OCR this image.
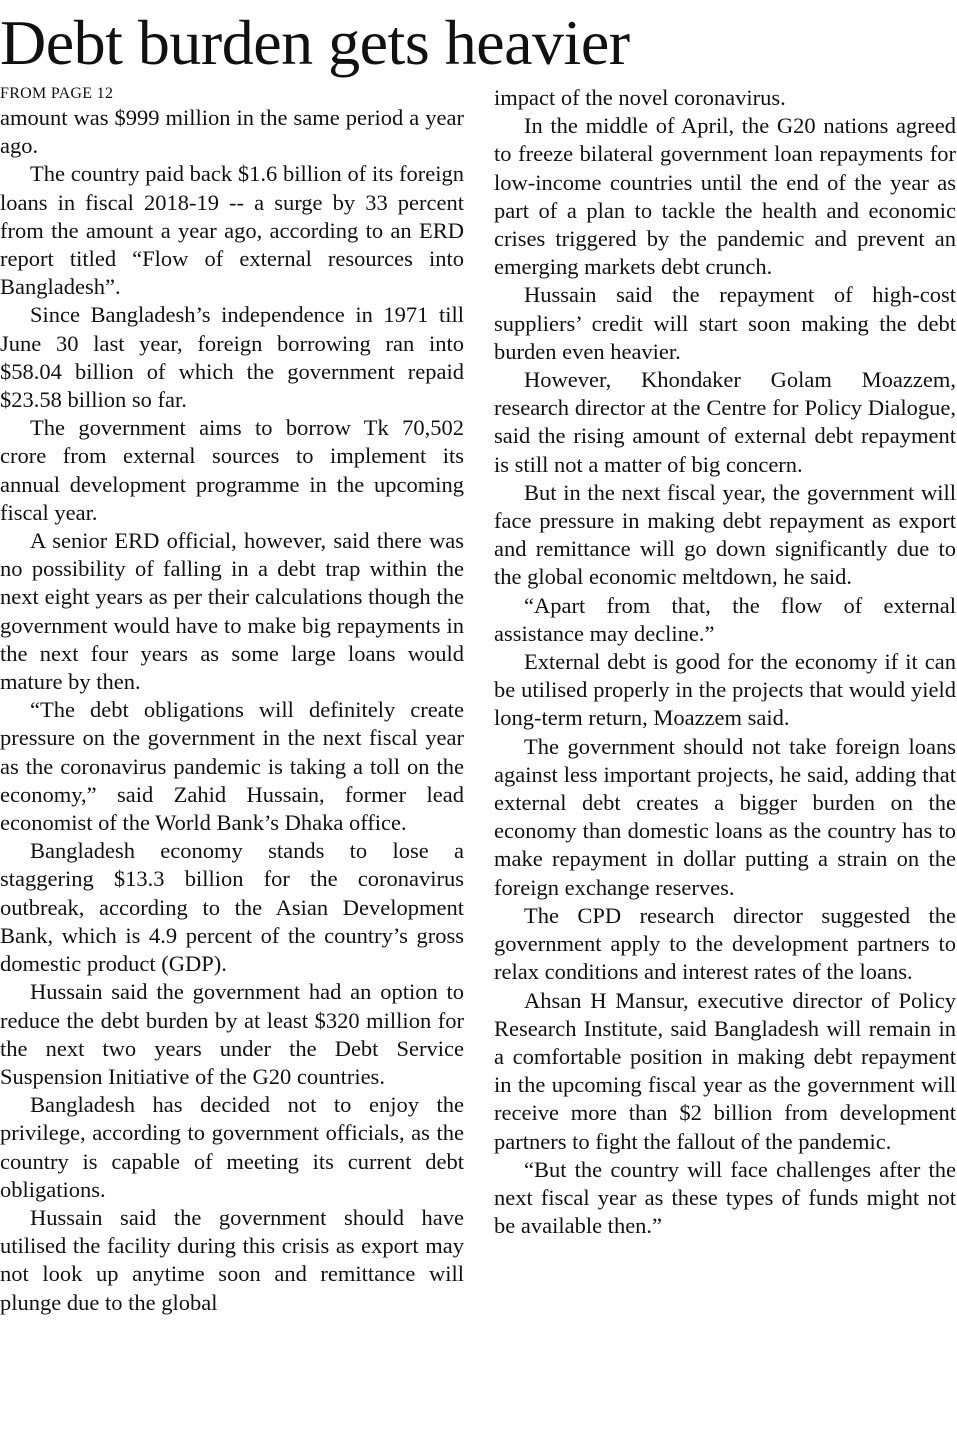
Debt burden gets heavier
FROM PAGE 12

amount was $999 million in the same period a year ago.

The country paid back $1.6 billion of its foreign loans in fiscal 2018-19 -- a surge by 33 percent from the amount a year ago, according to an ERD report titled “Flow of external resources into Bangladesh”.

Since Bangladesh’s independence in 1971 till June 30 last year, foreign borrowing ran into $58.04 billion of which the government repaid $23.58 billion so far.

The government aims to borrow Tk 70,502 crore from external sources to implement its annual development programme in the upcoming fiscal year.

A senior ERD official, however, said there was no possibility of falling in a debt trap within the next eight years as per their calculations though the government would have to make big repayments in the next four years as some large loans would mature by then.

“The debt obligations will definitely create pressure on the government in the next fiscal year as the coronavirus pandemic is taking a toll on the economy,” said Zahid Hussain, former lead economist of the World Bank’s Dhaka office.

Bangladesh economy stands to lose a staggering $13.3 billion for the coronavirus outbreak, according to the Asian Development Bank, which is 4.9 percent of the country’s gross domestic product (GDP).

Hussain said the government had an option to reduce the debt burden by at least $320 million for the next two years under the Debt Service Suspension Initiative of the G20 countries.

Bangladesh has decided not to enjoy the privilege, according to government officials, as the country is capable of meeting its current debt obligations.

Hussain said the government should have utilised the facility during this crisis as export may not look up anytime soon and remittance will plunge due to the global

impact of the novel coronavirus.

In the middle of April, the G20 nations agreed to freeze bilateral government loan repayments for low-income countries until the end of the year as part of a plan to tackle the health and economic crises triggered by the pandemic and prevent an emerging markets debt crunch.

Hussain said the repayment of high-cost suppliers’ credit will start soon making the debt burden even heavier.

However, Khondaker Golam Moazzem, research director at the Centre for Policy Dialogue, said the rising amount of external debt repayment is still not a matter of big concern.

But in the next fiscal year, the government will face pressure in making debt repayment as export and remittance will go down significantly due to the global economic meltdown, he said.

“Apart from that, the flow of external assistance may decline.”

External debt is good for the economy if it can be utilised properly in the projects that would yield long-term return, Moazzem said.

The government should not take foreign loans against less important projects, he said, adding that external debt creates a bigger burden on the economy than domestic loans as the country has to make repayment in dollar putting a strain on the foreign exchange reserves.

The CPD research director suggested the government apply to the development partners to relax conditions and interest rates of the loans.

Ahsan H Mansur, executive director of Policy Research Institute, said Bangladesh will remain in a comfortable position in making debt repayment in the upcoming fiscal year as the government will receive more than $2 billion from development partners to fight the fallout of the pandemic.

“But the country will face challenges after the next fiscal year as these types of funds might not be available then.”
